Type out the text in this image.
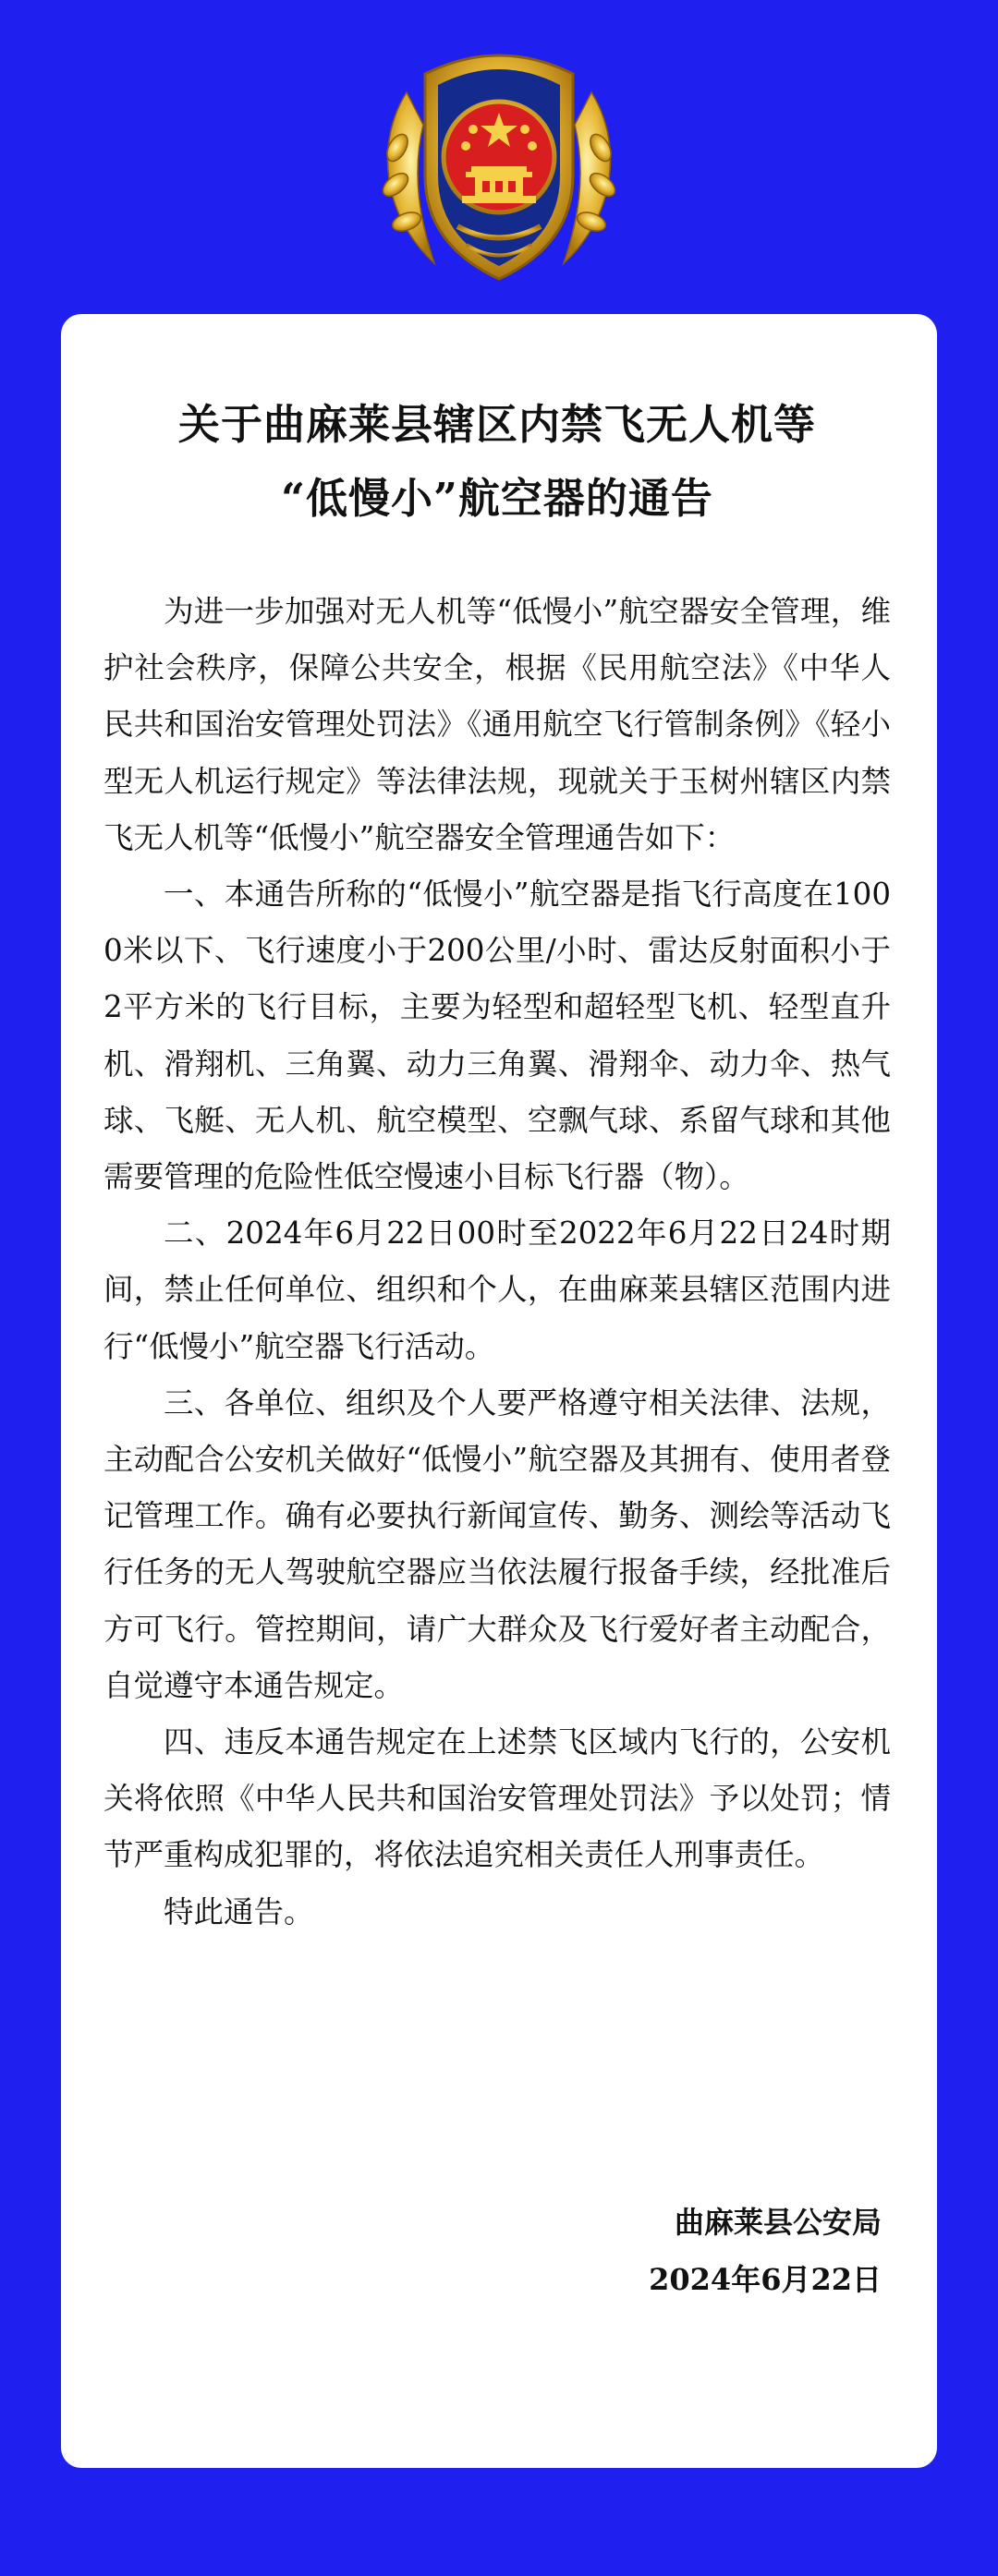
关于曲麻莱县辖区内禁飞无人机等
“低慢小”航空器的通告

为进一步加强对无人机等“低慢小”航空器安全管理，维护社会秩序，保障公共安全，根据《民用航空法》《中华人民共和国治安管理处罚法》《通用航空飞行管制条例》《轻小型无人机运行规定》等法律法规，现就关于玉树州辖区内禁飞无人机等“低慢小”航空器安全管理通告如下：

一、本通告所称的“低慢小”航空器是指飞行高度在1000米以下、飞行速度小于200公里/小时、雷达反射面积小于2平方米的飞行目标，主要为轻型和超轻型飞机、轻型直升机、滑翔机、三角翼、动力三角翼、滑翔伞、动力伞、热气球、飞艇、无人机、航空模型、空飘气球、系留气球和其他需要管理的危险性低空慢速小目标飞行器（物）。

二、2024年6月22日00时至2022年6月22日24时期间，禁止任何单位、组织和个人，在曲麻莱县辖区范围内进行“低慢小”航空器飞行活动。

三、各单位、组织及个人要严格遵守相关法律、法规，主动配合公安机关做好“低慢小”航空器及其拥有、使用者登记管理工作。确有必要执行新闻宣传、勤务、测绘等活动飞行任务的无人驾驶航空器应当依法履行报备手续，经批准后方可飞行。管控期间，请广大群众及飞行爱好者主动配合，自觉遵守本通告规定。

四、违反本通告规定在上述禁飞区域内飞行的，公安机关将依照《中华人民共和国治安管理处罚法》予以处罚；情节严重构成犯罪的，将依法追究相关责任人刑事责任。

特此通告。

曲麻莱县公安局
2024年6月22日
